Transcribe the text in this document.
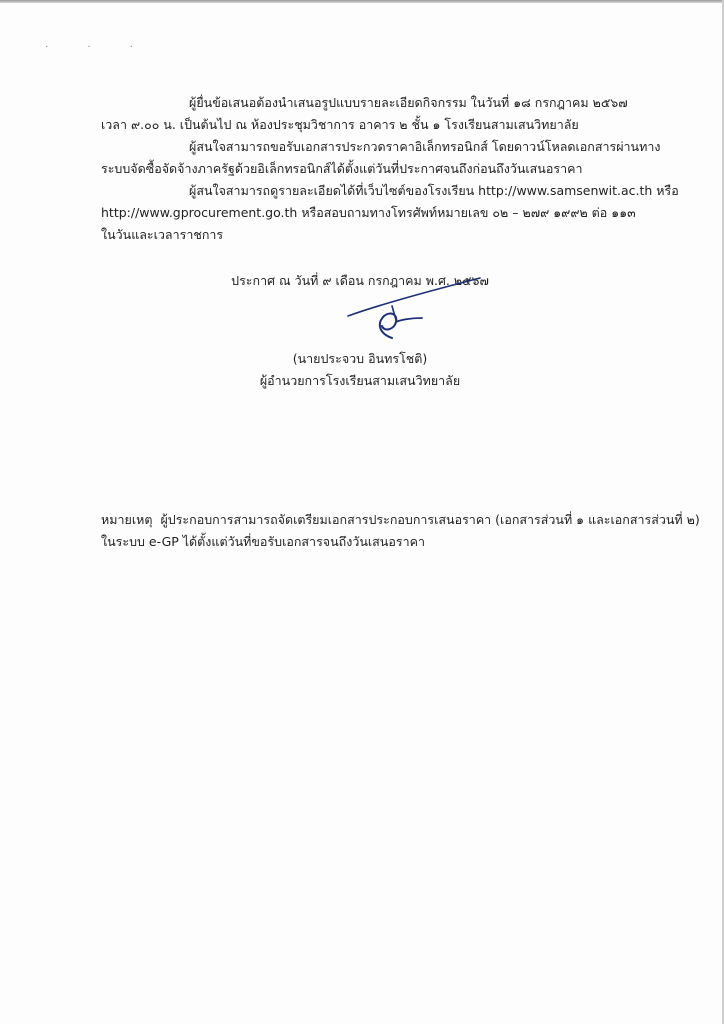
· · ·

ผู้ยื่นข้อเสนอต้องนำเสนอรูปแบบรายละเอียดกิจกรรม ในวันที่ ๑๘ กรกฎาคม ๒๕๖๗

เวลา ๙.๐๐ น. เป็นต้นไป ณ ห้องประชุมวิชาการ อาคาร ๒ ชั้น ๑ โรงเรียนสามเสนวิทยาลัย

ผู้สนใจสามารถขอรับเอกสารประกวดราคาอิเล็กทรอนิกส์ โดยดาวน์โหลดเอกสารผ่านทาง

ระบบจัดซื้อจัดจ้างภาครัฐด้วยอิเล็กทรอนิกส์ได้ตั้งแต่วันที่ประกาศจนถึงก่อนถึงวันเสนอราคา

ผู้สนใจสามารถดูรายละเอียดได้ที่เว็บไซต์ของโรงเรียน http://www.samsenwit.ac.th หรือ

http://www.gprocurement.go.th หรือสอบถามทางโทรศัพท์หมายเลข ๐๒ – ๒๗๙ ๑๙๙๒ ต่อ ๑๑๓

ในวันและเวลาราชการ

ประกาศ ณ วันที่ ๙ เดือน กรกฎาคม พ.ศ. ๒๕๖๗

(นายประจวบ อินทรโชติ)

ผู้อำนวยการโรงเรียนสามเสนวิทยาลัย

หมายเหตุ ผู้ประกอบการสามารถจัดเตรียมเอกสารประกอบการเสนอราคา (เอกสารส่วนที่ ๑ และเอกสารส่วนที่ ๒)

ในระบบ e-GP ได้ตั้งแต่วันที่ขอรับเอกสารจนถึงวันเสนอราคา
